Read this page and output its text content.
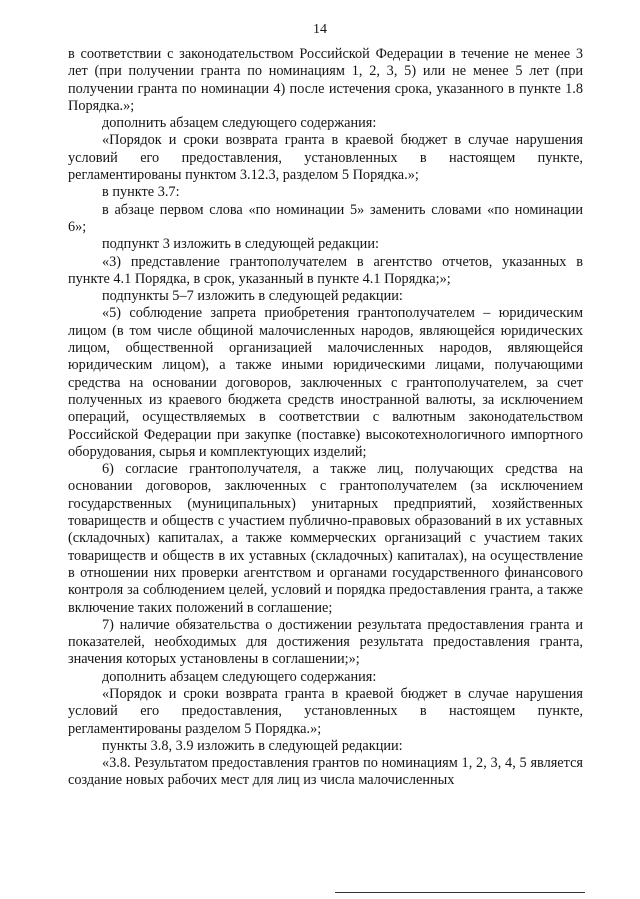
14

в соответствии с законодательством Российской Федерации в течение не менее 3 лет (при получении гранта по номинациям 1, 2, 3, 5) или не менее 5 лет (при получении гранта по номинации 4) после истечения срока, указанного в пункте 1.8 Порядка.»;

дополнить абзацем следующего содержания:

«Порядок и сроки возврата гранта в краевой бюджет в случае нарушения условий его предоставления, установленных в настоящем пункте, регламентированы пунктом 3.12.3, разделом 5 Порядка.»;

в пункте 3.7:

в абзаце первом слова «по номинации 5» заменить словами «по номинации 6»;

подпункт 3 изложить в следующей редакции:

«3) представление грантополучателем в агентство отчетов, указанных в пункте 4.1 Порядка, в срок, указанный в пункте 4.1 Порядка;»;

подпункты 5–7 изложить в следующей редакции:

«5) соблюдение запрета приобретения грантополучателем – юридическим лицом (в том числе общиной малочисленных народов, являющейся юридических лицом, общественной организацией малочисленных народов, являющейся юридическим лицом), а также иными юридическими лицами, получающими средства на основании договоров, заключенных с грантополучателем, за счет полученных из краевого бюджета средств иностранной валюты, за исключением операций, осуществляемых в соответствии с валютным законодательством Российской Федерации при закупке (поставке) высокотехнологичного импортного оборудования, сырья и комплектующих изделий;

6) согласие грантополучателя, а также лиц, получающих средства на основании договоров, заключенных с грантополучателем (за исключением государственных (муниципальных) унитарных предприятий, хозяйственных товариществ и обществ с участием публично-правовых образований в их уставных (складочных) капиталах, а также коммерческих организаций с участием таких товариществ и обществ в их уставных (складочных) капиталах), на осуществление в отношении них проверки агентством и органами государственного финансового контроля за соблюдением целей, условий и порядка предоставления гранта, а также включение таких положений в соглашение;

7) наличие обязательства о достижении результата предоставления гранта и показателей, необходимых для достижения результата предоставления гранта, значения которых установлены в соглашении;»;

дополнить абзацем следующего содержания:

«Порядок и сроки возврата гранта в краевой бюджет в случае нарушения условий его предоставления, установленных в настоящем пункте, регламентированы разделом 5 Порядка.»;

пункты 3.8, 3.9 изложить в следующей редакции:

«3.8. Результатом предоставления грантов по номинациям 1, 2, 3, 4, 5 является создание новых рабочих мест для лиц из числа малочисленных
